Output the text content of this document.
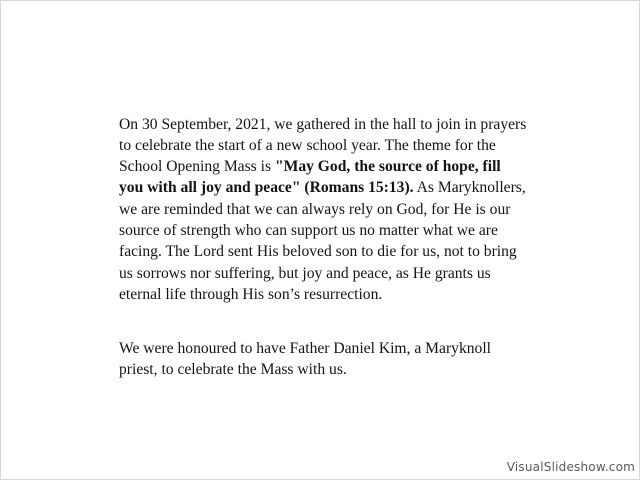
On 30 September, 2021, we gathered in the hall to join in prayers to celebrate the start of a new school year. The theme for the School Opening Mass is "May God, the source of hope, fill you with all joy and peace" (Romans 15:13). As Maryknollers, we are reminded that we can always rely on God, for He is our source of strength who can support us no matter what we are facing. The Lord sent His beloved son to die for us, not to bring us sorrows nor suffering, but joy and peace, as He grants us eternal life through His son’s resurrection.

We were honoured to have Father Daniel Kim, a Maryknoll priest, to celebrate the Mass with us.

VisualSlideshow.com
